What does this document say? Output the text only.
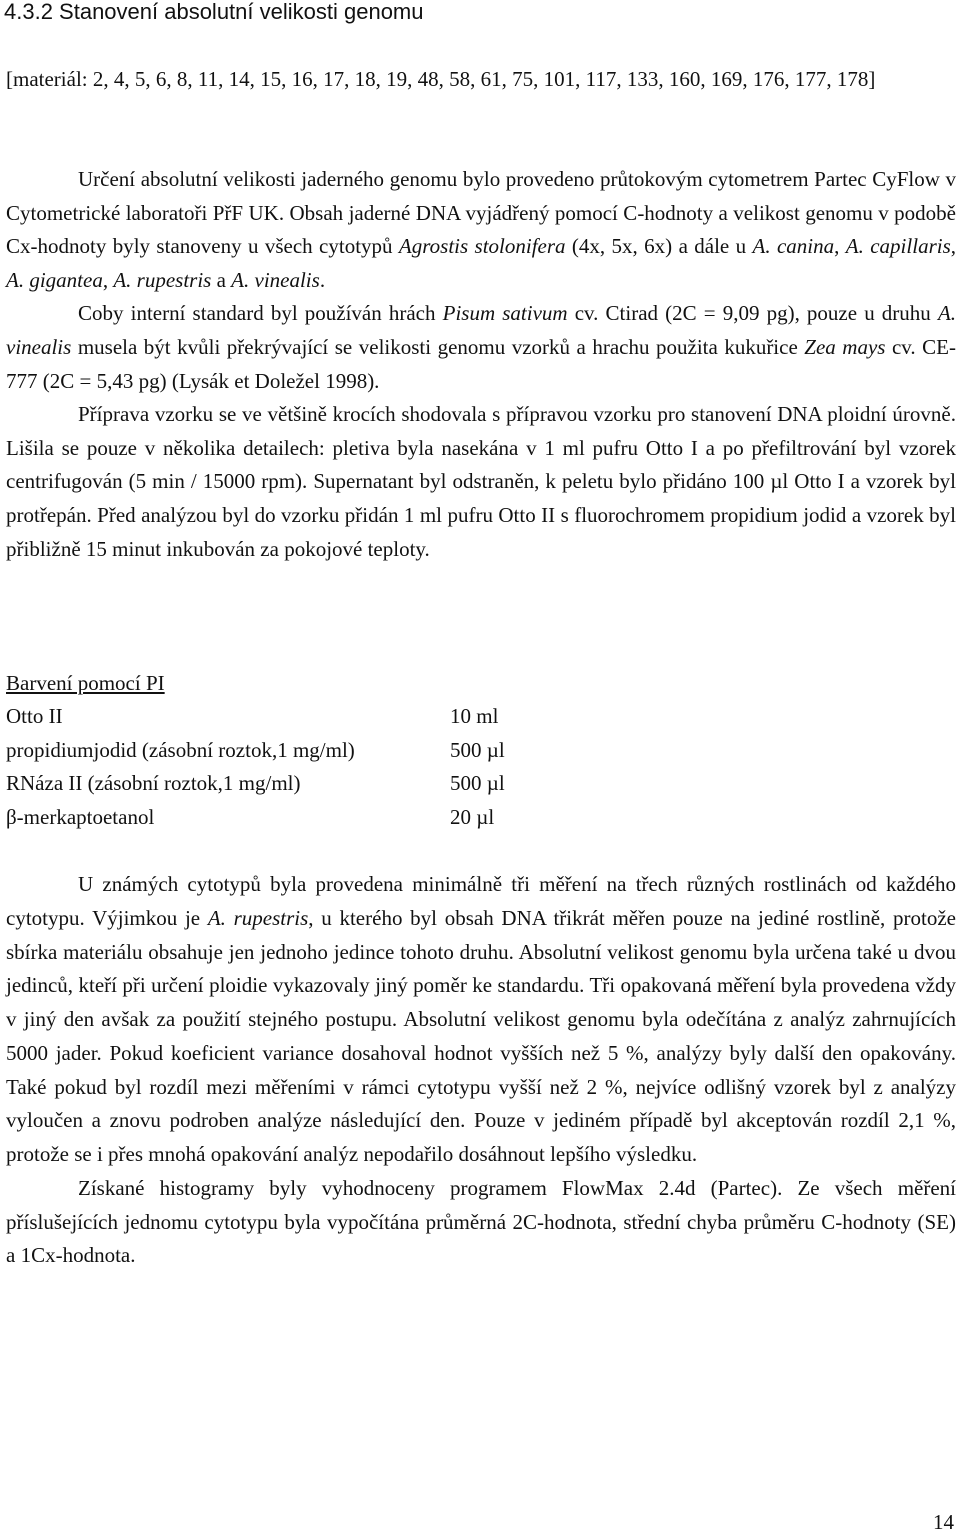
4.3.2 Stanovení absolutní velikosti genomu

[materiál: 2, 4, 5, 6, 8, 11, 14, 15, 16, 17, 18, 19, 48, 58, 61, 75, 101, 117, 133, 160, 169, 176, 177, 178]

Určení absolutní velikosti jaderného genomu bylo provedeno průtokovým cytometrem Partec CyFlow v Cytometrické laboratoři PřF UK. Obsah jaderné DNA vyjádřený pomocí C-hodnoty a velikost genomu v podobě Cx-hodnoty byly stanoveny u všech cytotypů Agrostis stolonifera (4x, 5x, 6x) a dále u A. canina, A. capillaris, A. gigantea, A. rupestris a A. vinealis.

Coby interní standard byl používán hrách Pisum sativum cv. Ctirad (2C = 9,09 pg), pouze u druhu A. vinealis musela být kvůli překrývající se velikosti genomu vzorků a hrachu použita kukuřice Zea mays cv. CE-777 (2C = 5,43 pg) (Lysák et Doležel 1998).

Příprava vzorku se ve většině krocích shodovala s přípravou vzorku pro stanovení DNA ploidní úrovně. Lišila se pouze v několika detailech: pletiva byla nasekána v 1 ml pufru Otto I a po přefiltrování byl vzorek centrifugován (5 min / 15000 rpm). Supernatant byl odstraněn, k peletu bylo přidáno 100 µl Otto I a vzorek byl protřepán. Před analýzou byl do vzorku přidán 1 ml pufru Otto II s fluorochromem propidium jodid a vzorek byl přibližně 15 minut inkubován za pokojové teploty.

Barvení pomocí PI
Otto II	10 ml
propidiumjodid (zásobní roztok,1 mg/ml)	500 µl
RNáza II (zásobní roztok,1 mg/ml)	500 µl
β-merkaptoetanol	20 µl

U známých cytotypů byla provedena minimálně tři měření na třech různých rostlinách od každého cytotypu. Výjimkou je A. rupestris, u kterého byl obsah DNA třikrát měřen pouze na jediné rostlině, protože sbírka materiálu obsahuje jen jednoho jedince tohoto druhu. Absolutní velikost genomu byla určena také u dvou jedinců, kteří při určení ploidie vykazovaly jiný poměr ke standardu. Tři opakovaná měření byla provedena vždy v jiný den avšak za použití stejného postupu. Absolutní velikost genomu byla odečítána z analýz zahrnujících 5000 jader. Pokud koeficient variance dosahoval hodnot vyšších než 5 %, analýzy byly další den opakovány. Také pokud byl rozdíl mezi měřeními v rámci cytotypu vyšší než 2 %, nejvíce odlišný vzorek byl z analýzy vyloučen a znovu podroben analýze následující den. Pouze v jediném případě byl akceptován rozdíl 2,1 %, protože se i přes mnohá opakování analýz nepodařilo dosáhnout lepšího výsledku.

Získané histogramy byly vyhodnoceny programem FlowMax 2.4d (Partec). Ze všech měření příslušejících jednomu cytotypu byla vypočítána průměrná 2C-hodnota, střední chyba průměru C-hodnoty (SE) a 1Cx-hodnota.

14
